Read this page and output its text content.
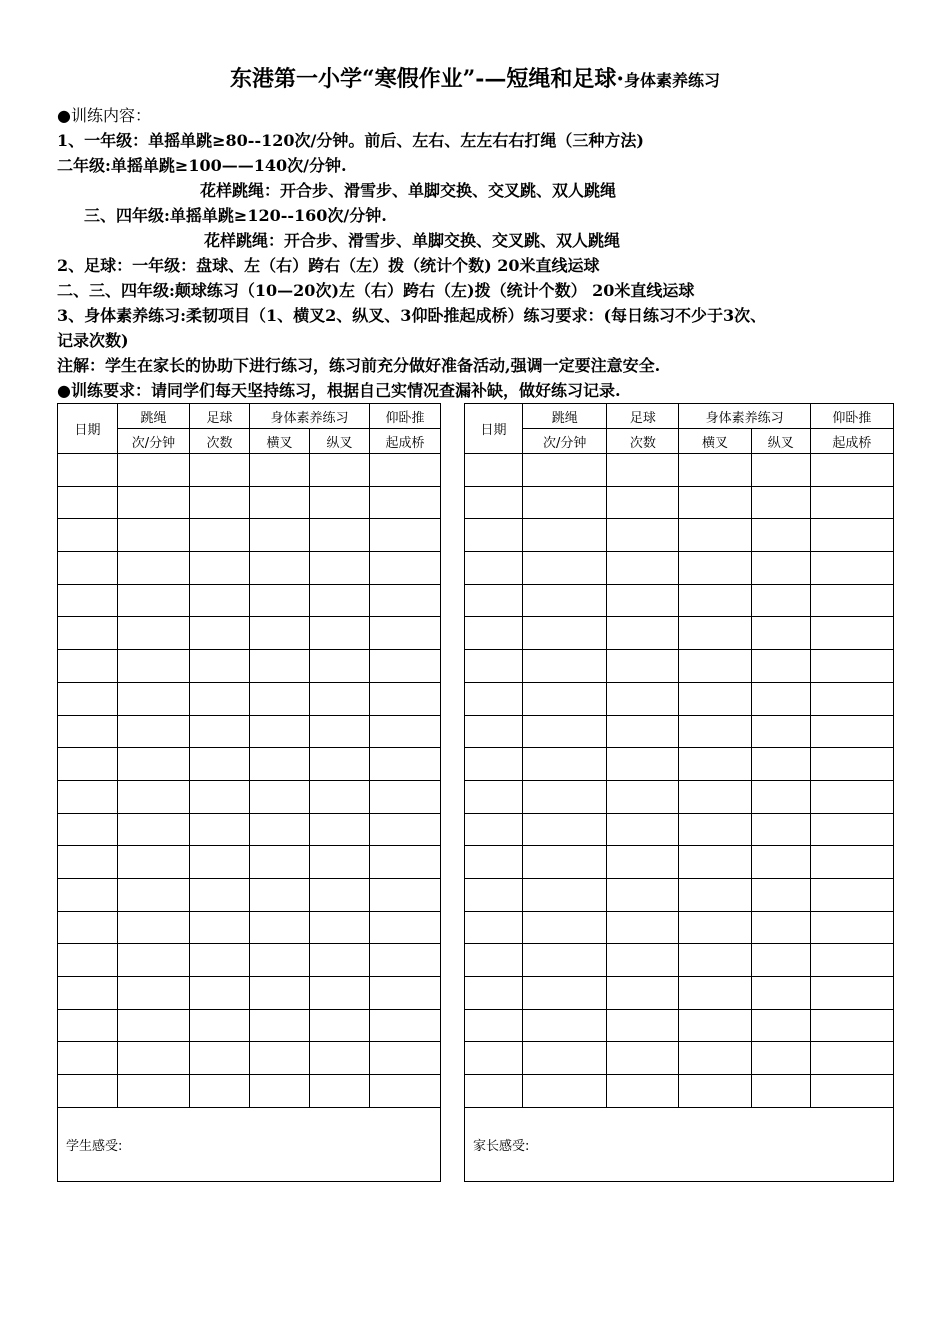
东港第一小学“寒假作业”-—短绳和足球·身体素养练习
●训练内容：
1、一年级：单摇单跳≥80--120次/分钟。前后、左右、左左右右打绳（三种方法)
二年级:单摇单跳≥100——140次/分钟.
花样跳绳：开合步、滑雪步、单脚交换、交叉跳、双人跳绳
三、四年级:单摇单跳≥120--160次/分钟.
花样跳绳：开合步、滑雪步、单脚交换、交叉跳、双人跳绳
2、足球：一年级：盘球、左（右）跨右（左）拨（统计个数) 20米直线运球
二、三、四年级:颠球练习（10—20次)左（右）跨右（左)拨（统计个数） 20米直线运球
3、身体素养练习:柔韧项目（1、横叉2、纵叉、3仰卧推起成桥）练习要求：(每日练习不少于3次、
记录次数)
注解：学生在家长的协助下进行练习，练习前充分做好准备活动,强调一定要注意安全.
●训练要求：请同学们每天坚持练习，根据自己实情况查漏补缺，做好练习记录.
日期	跳绳	足球	身体素养练习		仰卧推
	次/分钟	次数	横叉	纵叉	起成桥

学生感受:					
日期	跳绳	足球	身体素养练习		仰卧推
	次/分钟	次数	横叉	纵叉	起成桥

家长感受:					
